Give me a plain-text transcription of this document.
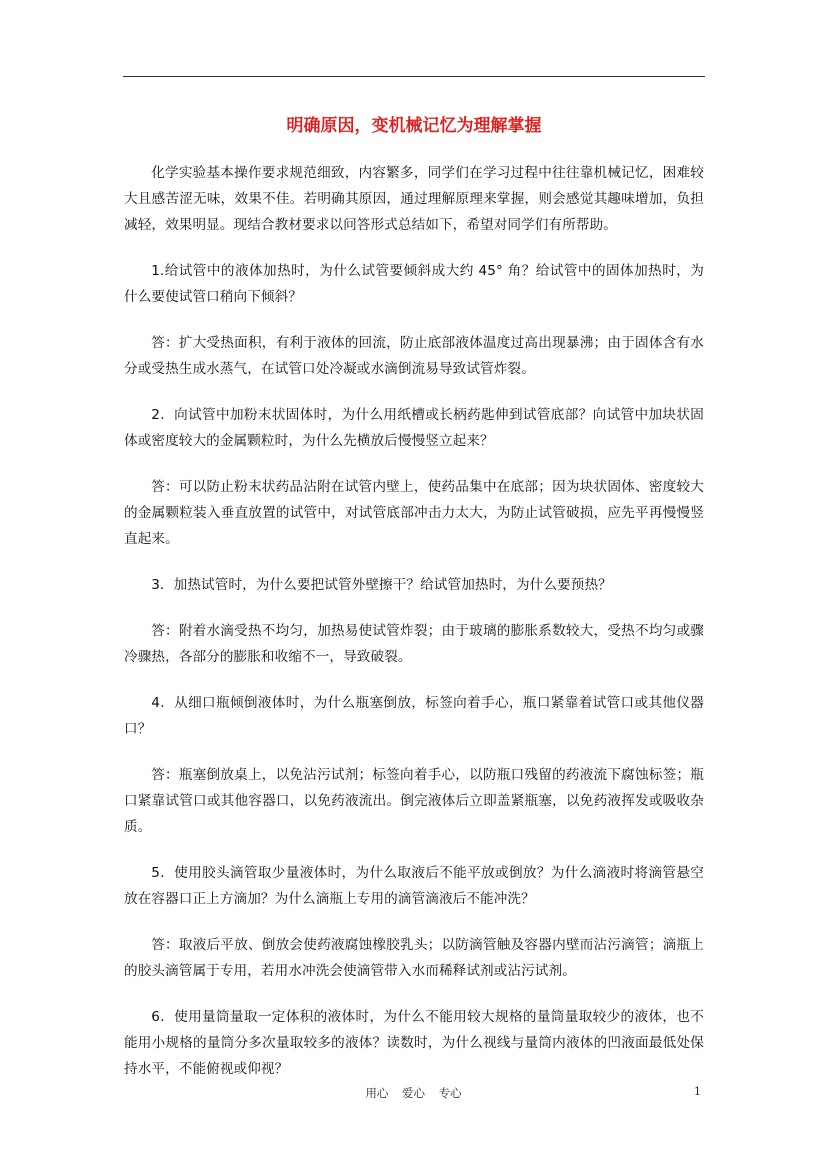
明确原因，变机械记忆为理解掌握

化学实验基本操作要求规范细致，内容繁多，同学们在学习过程中往往靠机械记忆，困难较大且感苦涩无味，效果不佳。若明确其原因，通过理解原理来掌握，则会感觉其趣味增加，负担减轻，效果明显。现结合教材要求以问答形式总结如下，希望对同学们有所帮助。

1.给试管中的液体加热时，为什么试管要倾斜成大约 45° 角？给试管中的固体加热时，为什么要使试管口稍向下倾斜？

答：扩大受热面积，有利于液体的回流，防止底部液体温度过高出现暴沸；由于固体含有水分或受热生成水蒸气，在试管口处冷凝或水滴倒流易导致试管炸裂。

2．向试管中加粉末状固体时，为什么用纸槽或长柄药匙伸到试管底部？向试管中加块状固体或密度较大的金属颗粒时，为什么先横放后慢慢竖立起来？

答：可以防止粉末状药品沾附在试管内壁上，使药品集中在底部；因为块状固体、密度较大的金属颗粒装入垂直放置的试管中，对试管底部冲击力太大，为防止试管破损，应先平再慢慢竖直起来。

3．加热试管时，为什么要把试管外壁擦干？给试管加热时，为什么要预热？

答：附着水滴受热不均匀，加热易使试管炸裂；由于玻璃的膨胀系数较大，受热不均匀或骤冷骤热，各部分的膨胀和收缩不一，导致破裂。

4．从细口瓶倾倒液体时，为什么瓶塞倒放，标签向着手心，瓶口紧靠着试管口或其他仪器口？

答：瓶塞倒放桌上，以免沾污试剂；标签向着手心，以防瓶口残留的药液流下腐蚀标签；瓶口紧靠试管口或其他容器口，以免药液流出。倒完液体后立即盖紧瓶塞，以免药液挥发或吸收杂质。

5．使用胶头滴管取少量液体时，为什么取液后不能平放或倒放？为什么滴液时将滴管悬空放在容器口正上方滴加？为什么滴瓶上专用的滴管滴液后不能冲洗？

答：取液后平放、倒放会使药液腐蚀橡胶乳头；以防滴管触及容器内壁而沾污滴管；滴瓶上的胶头滴管属于专用，若用水冲洗会使滴管带入水而稀释试剂或沾污试剂。

6．使用量筒量取一定体积的液体时，为什么不能用较大规格的量筒量取较少的液体，也不能用小规格的量筒分多次量取较多的液体？读数时，为什么视线与量筒内液体的凹液面最低处保持水平，不能俯视或仰视？

用心 爱心 专心	1
